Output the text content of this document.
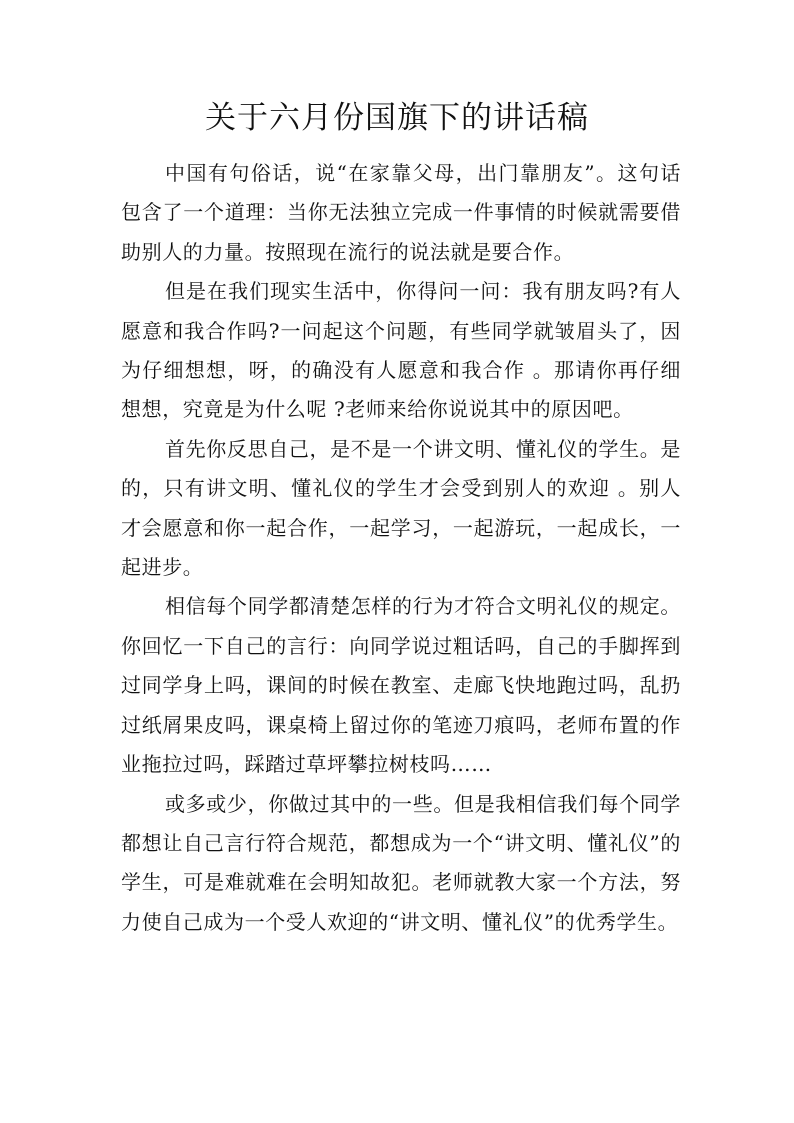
关于六月份国旗下的讲话稿

中国有句俗话，说“在家靠父母，出门靠朋友”。这句话包含了一个道理：当你无法独立完成一件事情的时候就需要借助别人的力量。按照现在流行的说法就是要合作。

但是在我们现实生活中，你得问一问：我有朋友吗?有人愿意和我合作吗?一问起这个问题，有些同学就皱眉头了，因为仔细想想，呀，的确没有人愿意和我合作 。那请你再仔细想想，究竟是为什么呢 ?老师来给你说说其中的原因吧。

首先你反思自己，是不是一个讲文明、懂礼仪的学生。是的，只有讲文明、懂礼仪的学生才会受到别人的欢迎 。别人才会愿意和你一起合作，一起学习，一起游玩，一起成长，一起进步。

相信每个同学都清楚怎样的行为才符合文明礼仪的规定。你回忆一下自己的言行：向同学说过粗话吗，自己的手脚挥到过同学身上吗，课间的时候在教室、走廊飞快地跑过吗，乱扔过纸屑果皮吗，课桌椅上留过你的笔迹刀痕吗，老师布置的作业拖拉过吗，踩踏过草坪攀拉树枝吗……

或多或少，你做过其中的一些。但是我相信我们每个同学都想让自己言行符合规范，都想成为一个“讲文明、懂礼仪”的学生，可是难就难在会明知故犯。老师就教大家一个方法，努力使自己成为一个受人欢迎的“讲文明、懂礼仪”的优秀学生。
